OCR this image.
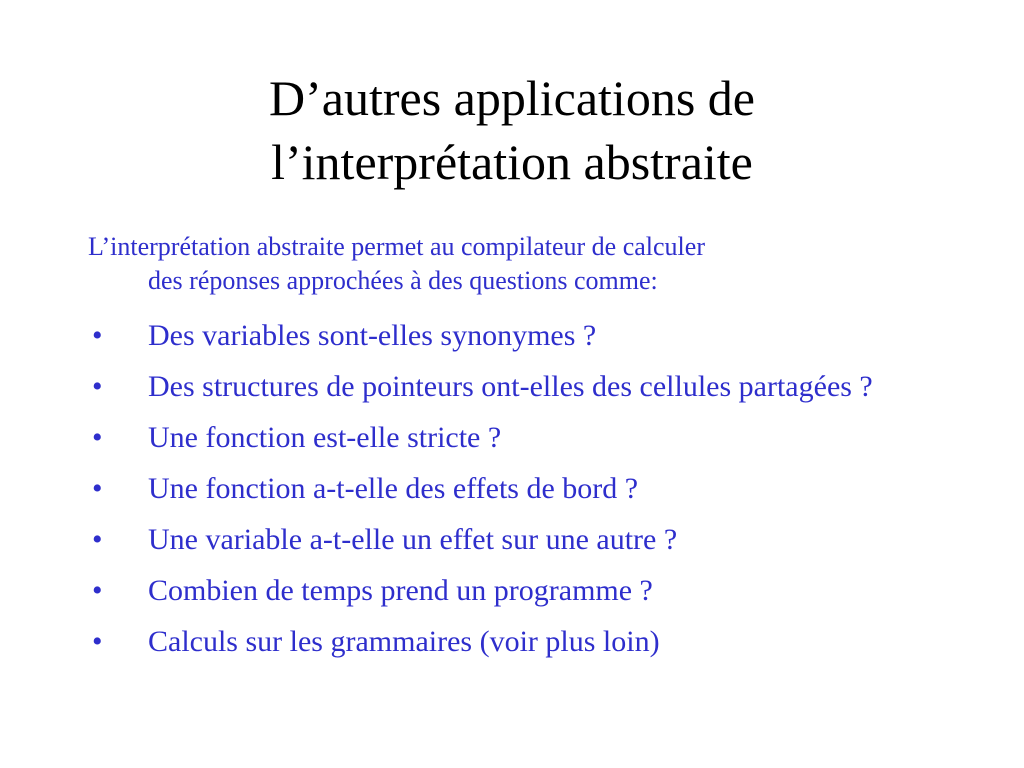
D’autres applications de
l’interprétation abstraite

L’interprétation abstraite permet au compilateur de calculer
des réponses approchées à des questions comme:

• Des variables sont-elles synonymes ?
• Des structures de pointeurs ont-elles des cellules partagées ?
• Une fonction est-elle stricte ?
• Une fonction a-t-elle des effets de bord ?
• Une variable a-t-elle un effet sur une autre ?
• Combien de temps prend un programme ?
• Calculs sur les grammaires (voir plus loin)
